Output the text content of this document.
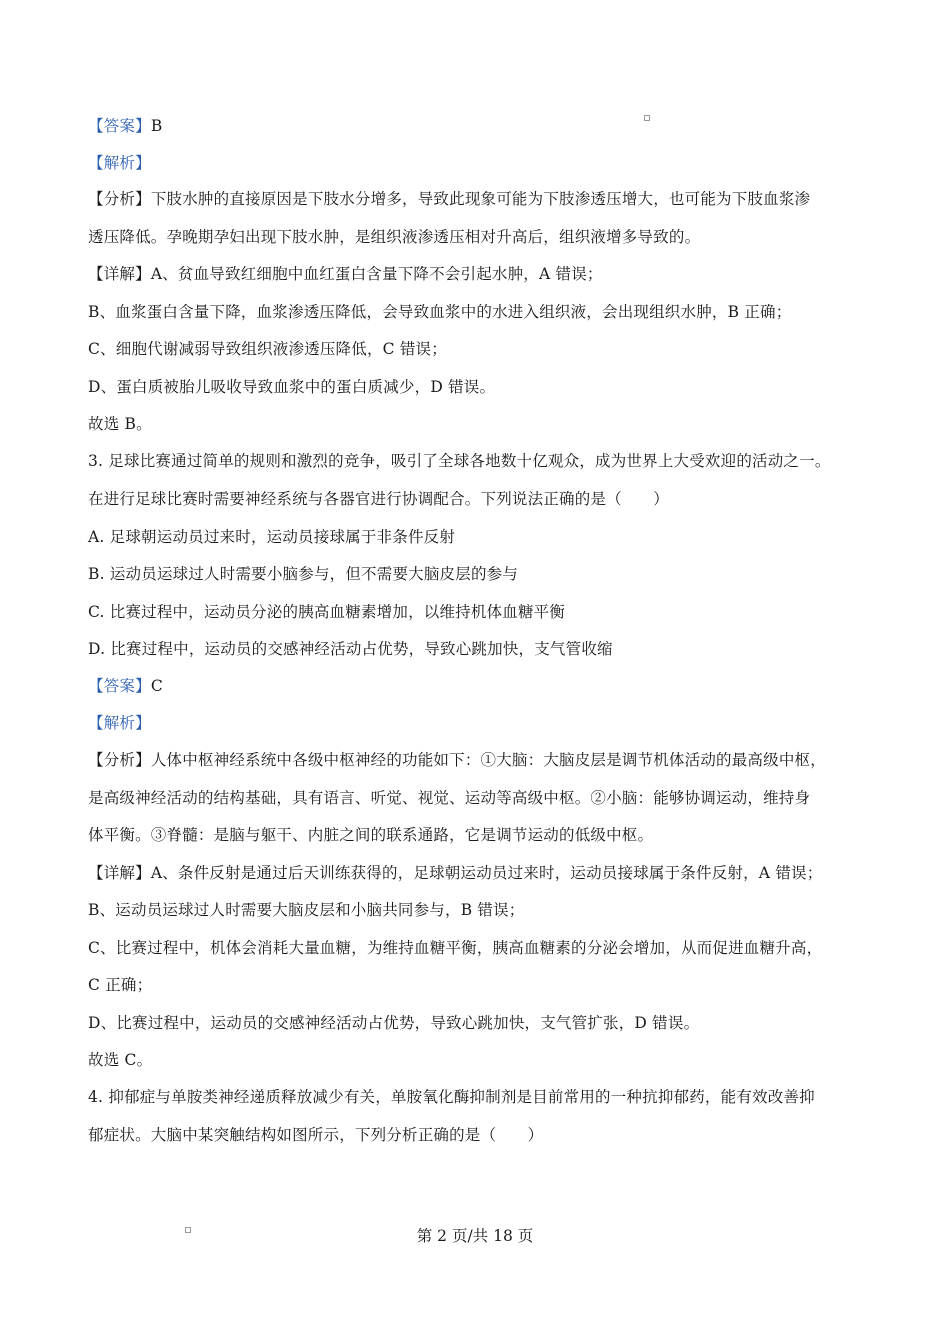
【答案】B
【解析】
【分析】下肢水肿的直接原因是下肢水分增多，导致此现象可能为下肢渗透压增大，也可能为下肢血浆渗
透压降低。孕晚期孕妇出现下肢水肿，是组织液渗透压相对升高后，组织液增多导致的。
【详解】A、贫血导致红细胞中血红蛋白含量下降不会引起水肿，A 错误；
B、血浆蛋白含量下降，血浆渗透压降低，会导致血浆中的水进入组织液，会出现组织水肿，B 正确；
C、细胞代谢减弱导致组织液渗透压降低，C 错误；
D、蛋白质被胎儿吸收导致血浆中的蛋白质减少，D 错误。
故选 B。
3. 足球比赛通过简单的规则和激烈的竞争，吸引了全球各地数十亿观众，成为世界上大受欢迎的活动之一。
在进行足球比赛时需要神经系统与各器官进行协调配合。下列说法正确的是（　　）
A. 足球朝运动员过来时，运动员接球属于非条件反射
B. 运动员运球过人时需要小脑参与，但不需要大脑皮层的参与
C. 比赛过程中，运动员分泌的胰高血糖素增加，以维持机体血糖平衡
D. 比赛过程中，运动员的交感神经活动占优势，导致心跳加快，支气管收缩
【答案】C
【解析】
【分析】人体中枢神经系统中各级中枢神经的功能如下：①大脑：大脑皮层是调节机体活动的最高级中枢，
是高级神经活动的结构基础，具有语言、听觉、视觉、运动等高级中枢。②小脑：能够协调运动，维持身
体平衡。③脊髓：是脑与躯干、内脏之间的联系通路，它是调节运动的低级中枢。
【详解】A、条件反射是通过后天训练获得的，足球朝运动员过来时，运动员接球属于条件反射，A 错误；
B、运动员运球过人时需要大脑皮层和小脑共同参与，B 错误；
C、比赛过程中，机体会消耗大量血糖，为维持血糖平衡，胰高血糖素的分泌会增加，从而促进血糖升高，
C 正确；
D、比赛过程中，运动员的交感神经活动占优势，导致心跳加快，支气管扩张，D 错误。
故选 C。
4. 抑郁症与单胺类神经递质释放减少有关，单胺氧化酶抑制剂是目前常用的一种抗抑郁药，能有效改善抑
郁症状。大脑中某突触结构如图所示，下列分析正确的是（　　）
第 2 页/共 18 页
